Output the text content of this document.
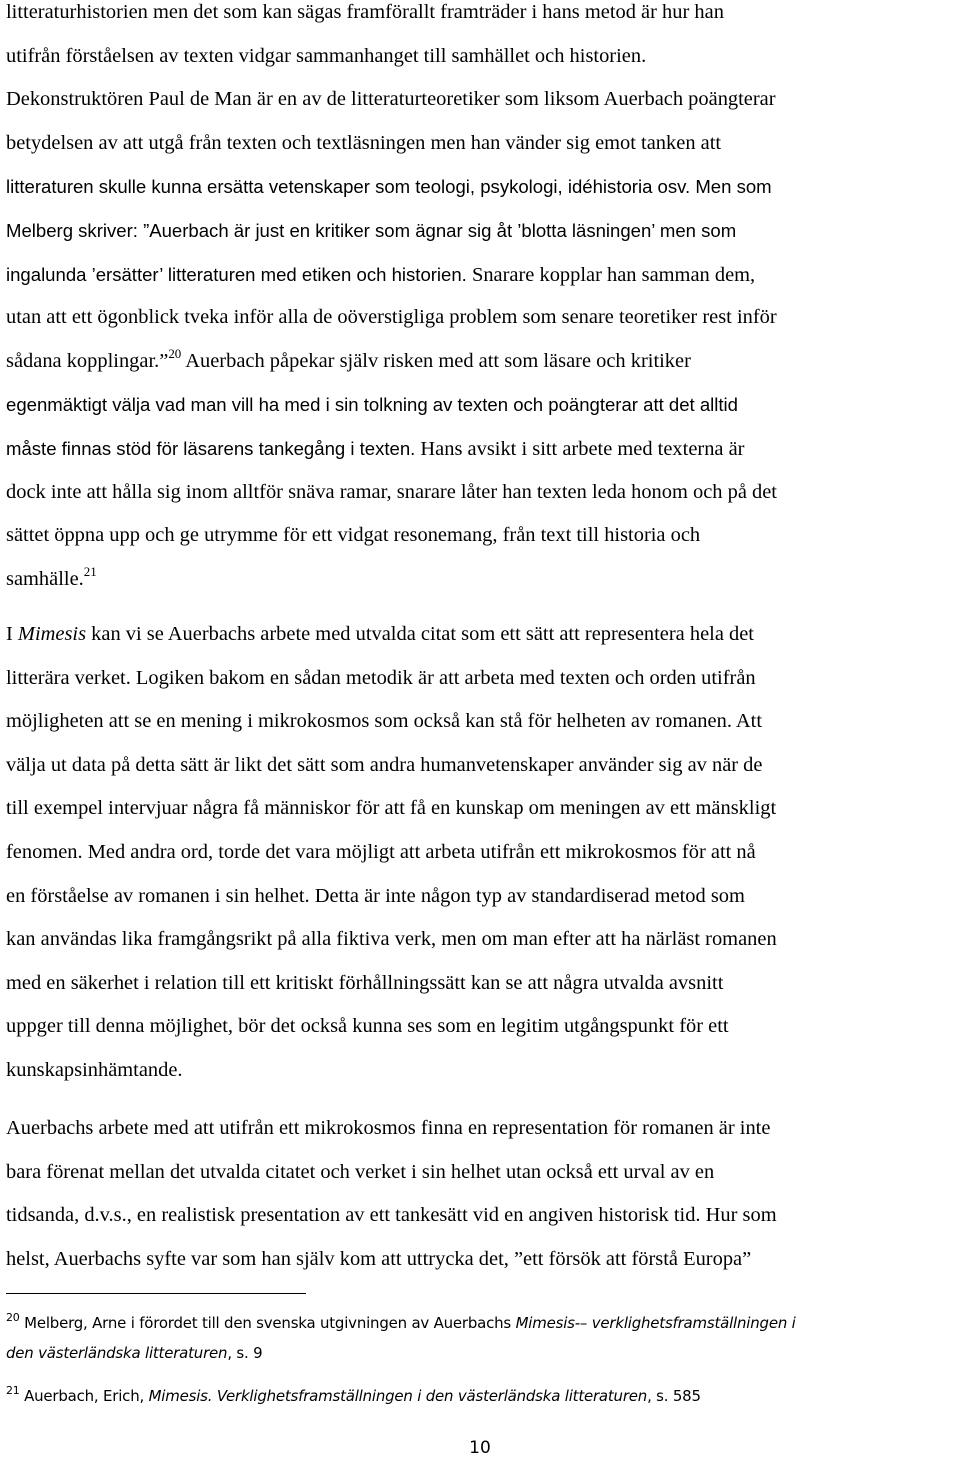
litteraturhistorien men det som kan sägas framförallt framträder i hans metod är hur han
utifrån förståelsen av texten vidgar sammanhanget till samhället och historien.
Dekonstruktören Paul de Man är en av de litteraturteoretiker som liksom Auerbach poängterar
betydelsen av att utgå från texten och textläsningen men han vänder sig emot tanken att
litteraturen skulle kunna ersätta vetenskaper som teologi, psykologi, idéhistoria osv. Men som
Melberg skriver: ”Auerbach är just en kritiker som ägnar sig åt ’blotta läsningen’ men som
ingalunda ’ersätter’ litteraturen med etiken och historien. Snarare kopplar han samman dem,
utan att ett ögonblick tveka inför alla de oöverstigliga problem som senare teoretiker rest inför
sådana kopplingar.”$^{20}$ Auerbach påpekar själv risken med att som läsare och kritiker
egenmäktigt välja vad man vill ha med i sin tolkning av texten och poängterar att det alltid
måste finnas stöd för läsarens tankegång i texten. Hans avsikt i sitt arbete med texterna är
dock inte att hålla sig inom alltför snäva ramar, snarare låter han texten leda honom och på det
sättet öppna upp och ge utrymme för ett vidgat resonemang, från text till historia och
samhälle.$^{21}$
I Mimesis kan vi se Auerbachs arbete med utvalda citat som ett sätt att representera hela det
litterära verket. Logiken bakom en sådan metodik är att arbeta med texten och orden utifrån
möjligheten att se en mening i mikrokosmos som också kan stå för helheten av romanen. Att
välja ut data på detta sätt är likt det sätt som andra humanvetenskaper använder sig av när de
till exempel intervjuar några få människor för att få en kunskap om meningen av ett mänskligt
fenomen. Med andra ord, torde det vara möjligt att arbeta utifrån ett mikrokosmos för att nå
en förståelse av romanen i sin helhet. Detta är inte någon typ av standardiserad metod som
kan användas lika framgångsrikt på alla fiktiva verk, men om man efter att ha närläst romanen
med en säkerhet i relation till ett kritiskt förhållningssätt kan se att några utvalda avsnitt
uppger till denna möjlighet, bör det också kunna ses som en legitim utgångspunkt för ett
kunskapsinhämtande.
Auerbachs arbete med att utifrån ett mikrokosmos finna en representation för romanen är inte
bara förenat mellan det utvalda citatet och verket i sin helhet utan också ett urval av en
tidsanda, d.v.s., en realistisk presentation av ett tankesätt vid en angiven historisk tid. Hur som
helst, Auerbachs syfte var som han själv kom att uttrycka det, ”ett försök att förstå Europa”
$^{20}$ Melberg, Arne i förordet till den svenska utgivningen av Auerbachs Mimesis-– verklighetsframställningen i
den västerländska litteraturen, s. 9
$^{21}$ Auerbach, Erich, Mimesis. Verklighetsframställningen i den västerländska litteraturen, s. 585
10
